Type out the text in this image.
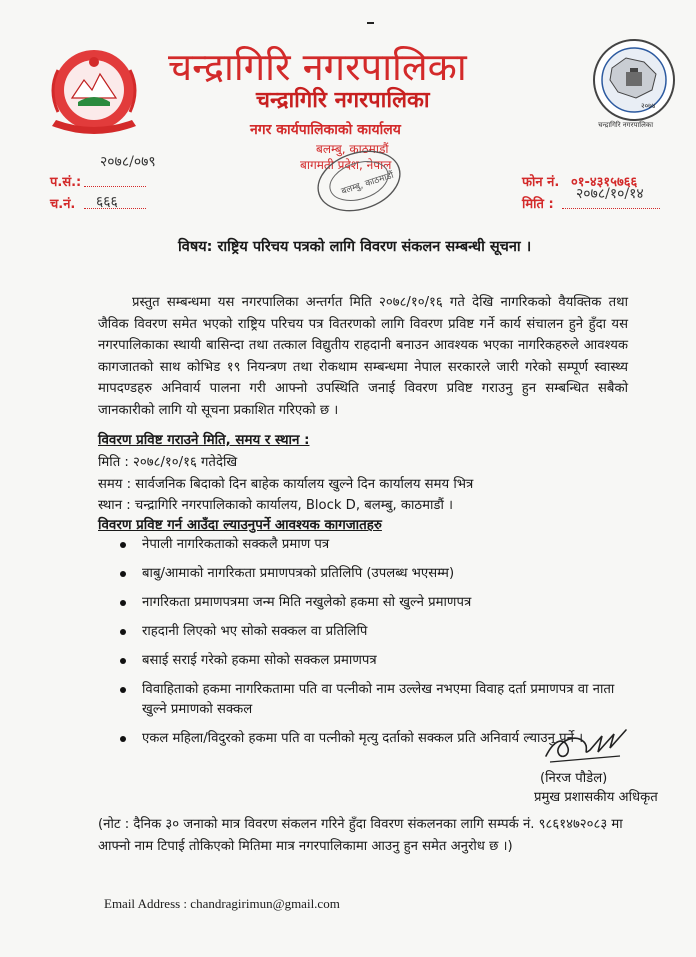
२०७४
चन्द्रागिरि नगरपालिका
चन्द्रागिरि नगरपालिका
चन्द्रागिरि नगरपालिका
नगर कार्यपालिकाको कार्यालय
बलम्बु, काठमाडौं
बागमती प्रदेश, नेपाल
बलम्बु, काठमाडौं
२०७८/०७९
प.सं.:
च.नं. ६६६
फोन नं. ०१-४३१५७६६
मिति :
२०७८/१०/१४
विषय: राष्ट्रिय परिचय पत्रको लागि विवरण संकलन सम्बन्धी सूचना ।
प्रस्तुत सम्बन्धमा यस नगरपालिका अन्तर्गत मिति २०७८/१०/१६ गते देखि नागरिकको वैयक्तिक तथा जैविक विवरण समेत भएको राष्ट्रिय परिचय पत्र वितरणको लागि विवरण प्रविष्ट गर्ने कार्य संचालन हुने हुँदा यस नगरपालिकाका स्थायी बासिन्दा तथा तत्काल विद्युतीय राहदानी बनाउन आवश्यक भएका नागरिकहरुले आवश्यक कागजातको साथ कोभिड १९ नियन्त्रण तथा रोकथाम सम्बन्धमा नेपाल सरकारले जारी गरेको सम्पूर्ण स्वास्थ्य मापदण्डहरु अनिवार्य पालना गरी आफ्नो उपस्थिति जनाई विवरण प्रविष्ट गराउनु हुन सम्बन्धित सबैको जानकारीको लागि यो सूचना प्रकाशित गरिएको छ ।
विवरण प्रविष्ट गराउने मिति, समय र स्थान :
मिति : २०७८/१०/१६ गतेदेखि
समय : सार्वजनिक बिदाको दिन बाहेक कार्यालय खुल्ने दिन कार्यालय समय भित्र
स्थान : चन्द्रागिरि नगरपालिकाको कार्यालय, Block D, बलम्बु, काठमाडौं ।
विवरण प्रविष्ट गर्न आउँदा ल्याउनुपर्ने आवश्यक कागजातहरु
नेपाली नागरिकताको सक्कलै प्रमाण पत्र
बाबु/आमाको नागरिकता प्रमाणपत्रको प्रतिलिपि (उपलब्ध भएसम्म)
नागरिकता प्रमाणपत्रमा जन्म मिति नखुलेको हकमा सो खुल्ने प्रमाणपत्र
राहदानी लिएको भए सोको सक्कल वा प्रतिलिपि
बसाई सराई गरेको हकमा सोको सक्कल प्रमाणपत्र
विवाहिताको हकमा नागरिकतामा पति वा पत्नीको नाम उल्लेख नभएमा विवाह दर्ता प्रमाणपत्र वा नाता खुल्ने प्रमाणको सक्कल
एकल महिला/विदुरको हकमा पति वा पत्नीको मृत्यु दर्ताको सक्कल प्रति अनिवार्य ल्याउनु पर्ने ।
(निरज पौडेल)
प्रमुख प्रशासकीय अधिकृत
(नोट : दैनिक ३० जनाको मात्र विवरण संकलन गरिने हुँदा विवरण संकलनका लागि सम्पर्क नं. ९८६१४७२०८३ मा आफ्नो नाम टिपाई तोकिएको मितिमा मात्र नगरपालिकामा आउनु हुन समेत अनुरोध छ ।)
Email Address : chandragirimun@gmail.com
